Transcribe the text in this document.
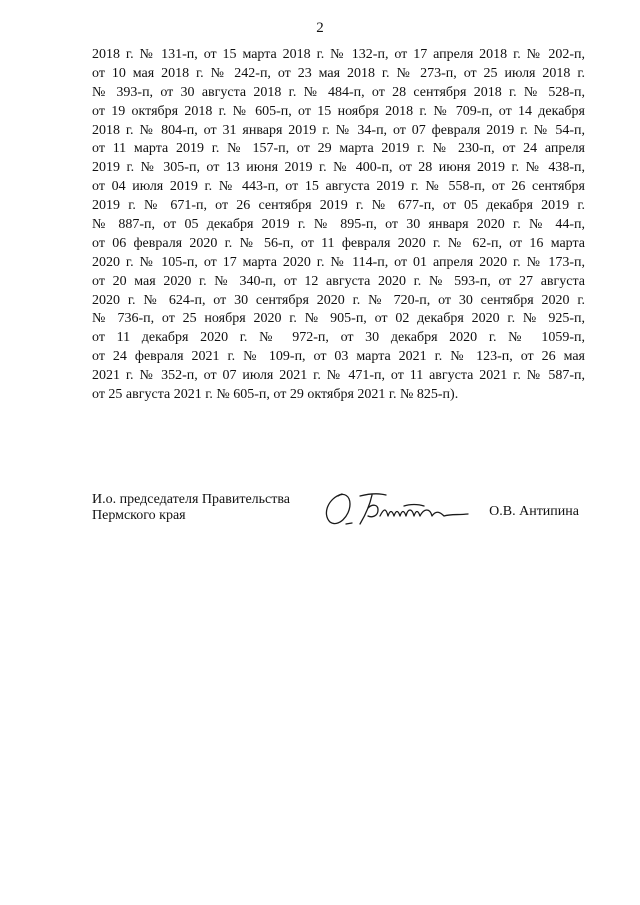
2
2018 г. № 131-п, от 15 марта 2018 г. № 132-п, от 17 апреля 2018 г. № 202-п,
от 10 мая 2018 г. № 242-п, от 23 мая 2018 г. № 273-п, от 25 июля 2018 г.
№ 393-п, от 30 августа 2018 г. № 484-п, от 28 сентября 2018 г. № 528-п,
от 19 октября 2018 г. № 605-п, от 15 ноября 2018 г. № 709-п, от 14 декабря
2018 г. № 804-п, от 31 января 2019 г. № 34-п, от 07 февраля 2019 г. № 54-п,
от 11 марта 2019 г. № 157-п, от 29 марта 2019 г. № 230-п, от 24 апреля
2019 г. № 305-п, от 13 июня 2019 г. № 400-п, от 28 июня 2019 г. № 438-п,
от 04 июля 2019 г. № 443-п, от 15 августа 2019 г. № 558-п, от 26 сентября
2019 г. № 671-п, от 26 сентября 2019 г. № 677-п, от 05 декабря 2019 г.
№ 887-п, от 05 декабря 2019 г. № 895-п, от 30 января 2020 г. № 44-п,
от 06 февраля 2020 г. № 56-п, от 11 февраля 2020 г. № 62-п, от 16 марта
2020 г. № 105-п, от 17 марта 2020 г. № 114-п, от 01 апреля 2020 г. № 173-п,
от 20 мая 2020 г. № 340-п, от 12 августа 2020 г. № 593-п, от 27 августа
2020 г. № 624-п, от 30 сентября 2020 г. № 720-п, от 30 сентября 2020 г.
№ 736-п, от 25 ноября 2020 г. № 905-п, от 02 декабря 2020 г. № 925-п,
от 11 декабря 2020 г. № 972-п, от 30 декабря 2020 г. № 1059-п,
от 24 февраля 2021 г. № 109-п, от 03 марта 2021 г. № 123-п, от 26 мая
2021 г. № 352-п, от 07 июля 2021 г. № 471-п, от 11 августа 2021 г. № 587-п,
от 25 августа 2021 г. № 605-п, от 29 октября 2021 г. № 825-п).
И.о. председателя Правительства
Пермского края	О.В. Антипина
